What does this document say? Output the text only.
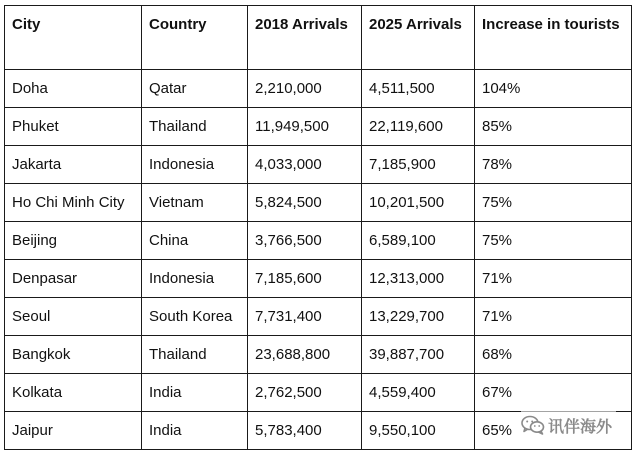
City	Country	2018 Arrivals	2025 Arrivals	Increase in tourists
Doha	Qatar	2,210,000	4,511,500	104%
Phuket	Thailand	11,949,500	22,119,600	85%
Jakarta	Indonesia	4,033,000	7,185,900	78%
Ho Chi Minh City	Vietnam	5,824,500	10,201,500	75%
Beijing	China	3,766,500	6,589,100	75%
Denpasar	Indonesia	7,185,600	12,313,000	71%
Seoul	South Korea	7,731,400	13,229,700	71%
Bangkok	Thailand	23,688,800	39,887,700	68%
Kolkata	India	2,762,500	4,559,400	67%
Jaipur	India	5,783,400	9,550,100	65% 讯伴海外
